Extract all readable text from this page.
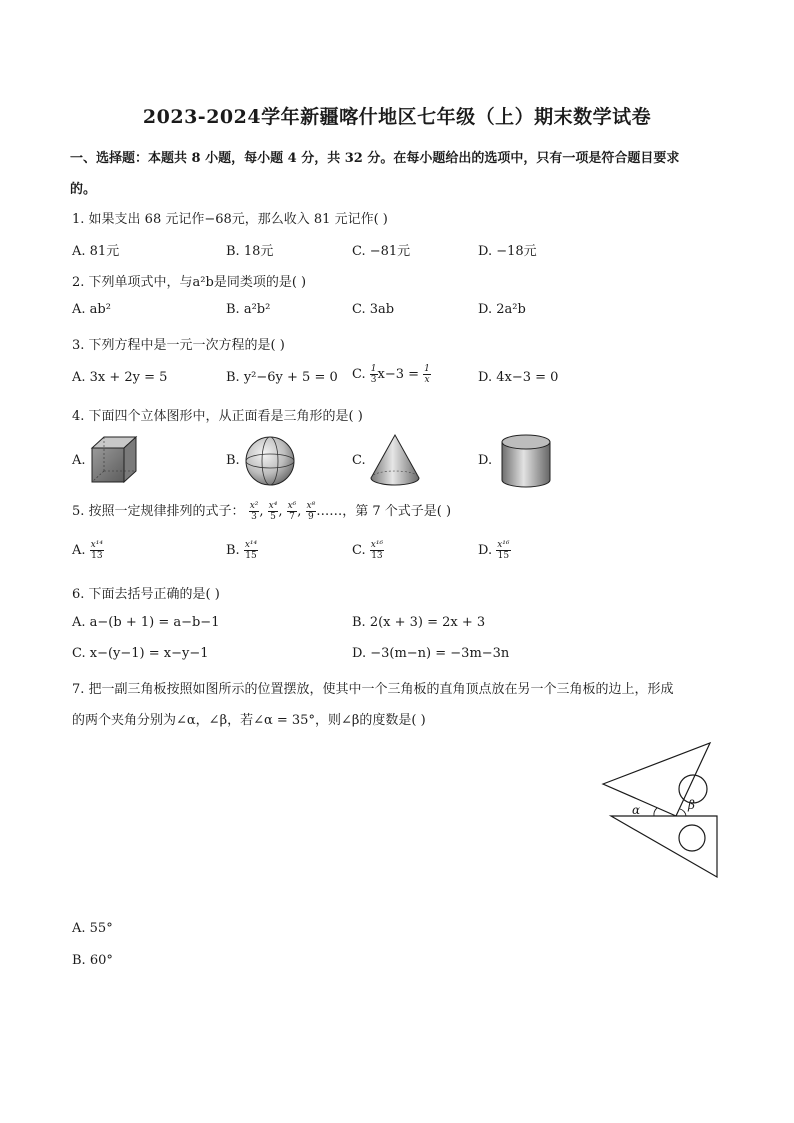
2023-2024学年新疆喀什地区七年级（上）期末数学试卷
一、选择题：本题共 8 小题，每小题 4 分，共 32 分。在每小题给出的选项中，只有一项是符合题目要求
的。
1. 如果支出 68 元记作−68元，那么收入 81 元记作( )
A. 81元	B. 18元	C. −81元	D. −18元
2. 下列单项式中，与a²b是同类项的是( )
A. ab²	B. a²b²	C. 3ab	D. 2a²b
3. 下列方程中是一元一次方程的是( )
A. 3x + 2y = 5	B. y²−6y + 5 = 0 C. $\frac{1}{3} x-3 = \frac{1}{x}$	D. 4x−3 = 0
4. 下面四个立体图形中，从正面看是三角形的是( )
A.	B.	C.	D.
5. 按照一定规律排列的式子： $\frac{\text{x²}}{3}$ , $\frac{\text{x⁴}}{5}$ , $\frac{\text{x⁶}}{7}$ , $\frac{\text{x⁸}}{9}$ ……，第 7 个式子是( )
A. $\frac{\text{x¹⁴}}{13}$	B. $\frac{\text{x¹⁴}}{15}$	C. $\frac{\text{x¹⁶}}{13}$	D. $\frac{\text{x¹⁶}}{15}$
6. 下面去括号正确的是( )
A. a−(b + 1) = a−b−1	B. 2(x + 3) = 2x + 3
C. x−(y−1) = x−y−1	D. −3(m−n) = −3m−3n
7. 把一副三角板按照如图所示的位置摆放，使其中一个三角板的直角顶点放在另一个三角板的边上，形成
的两个夹角分别为∠α，∠β，若∠α = 35°，则∠β的度数是( )
α	β
A. 55°
B. 60°
